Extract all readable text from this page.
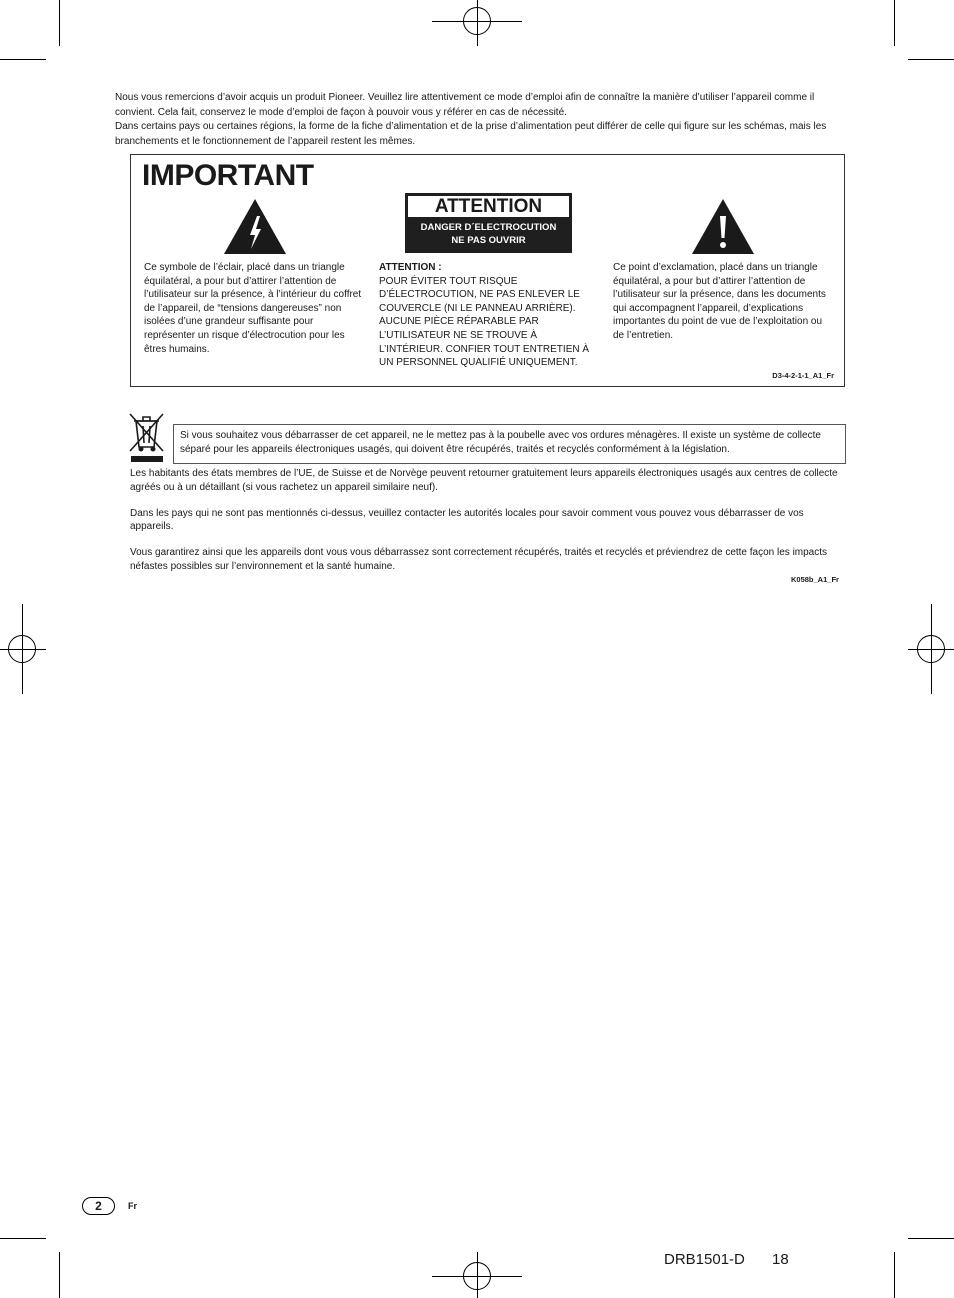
Nous vous remercions d’avoir acquis un produit Pioneer. Veuillez lire attentivement ce mode d’emploi afin de connaître la manière d’utiliser l’appareil comme il convient. Cela fait, conservez le mode d’emploi de façon à pouvoir vous y référer en cas de nécessité.

Dans certains pays ou certaines régions, la forme de la fiche d’alimentation et de la prise d’alimentation peut différer de celle qui figure sur les schémas, mais les branchements et le fonctionnement de l’appareil restent les mêmes.

IMPORTANT
ATTENTION
DANGER D´ELECTROCUTION
NE PAS OUVRIR

Ce symbole de l’éclair, placé dans un triangle équilatéral, a pour but d’attirer l’attention de l’utilisateur sur la présence, à l’intérieur du coffret de l’appareil, de “tensions dangereuses” non isolées d’une grandeur suffisante pour représenter un risque d’électrocution pour les êtres humains.

ATTENTION :

POUR ÉVITER TOUT RISQUE D’ÉLECTROCUTION, NE PAS ENLEVER LE COUVERCLE (NI LE PANNEAU ARRIÈRE). AUCUNE PIÈCE RÉPARABLE PAR L’UTILISATEUR NE SE TROUVE À L’INTÉRIEUR. CONFIER TOUT ENTRETIEN À UN PERSONNEL QUALIFIÉ UNIQUEMENT.

Ce point d’exclamation, placé dans un triangle équilatéral, a pour but d’attirer l’attention de l’utilisateur sur la présence, dans les documents qui accompagnent l’appareil, d’explications importantes du point de vue de l’exploitation ou de l’entretien.

D3-4-2-1-1_A1_Fr

Si vous souhaitez vous débarrasser de cet appareil, ne le mettez pas à la poubelle avec vos ordures ménagères. Il existe un système de collecte séparé pour les appareils électroniques usagés, qui doivent être récupérés, traités et recyclés conformément à la législation.

Les habitants des états membres de l’UE, de Suisse et de Norvège peuvent retourner gratuitement leurs appareils électroniques usagés aux centres de collecte agréés ou à un détaillant (si vous rachetez un appareil similaire neuf).

Dans les pays qui ne sont pas mentionnés ci-dessus, veuillez contacter les autorités locales pour savoir comment vous pouvez vous débarrasser de vos appareils.

Vous garantirez ainsi que les appareils dont vous vous débarrassez sont correctement récupérés, traités et recyclés et préviendrez de cette façon les impacts néfastes possibles sur l’environnement et la santé humaine.

K058b_A1_Fr
2	Fr
DRB1501-D 18
